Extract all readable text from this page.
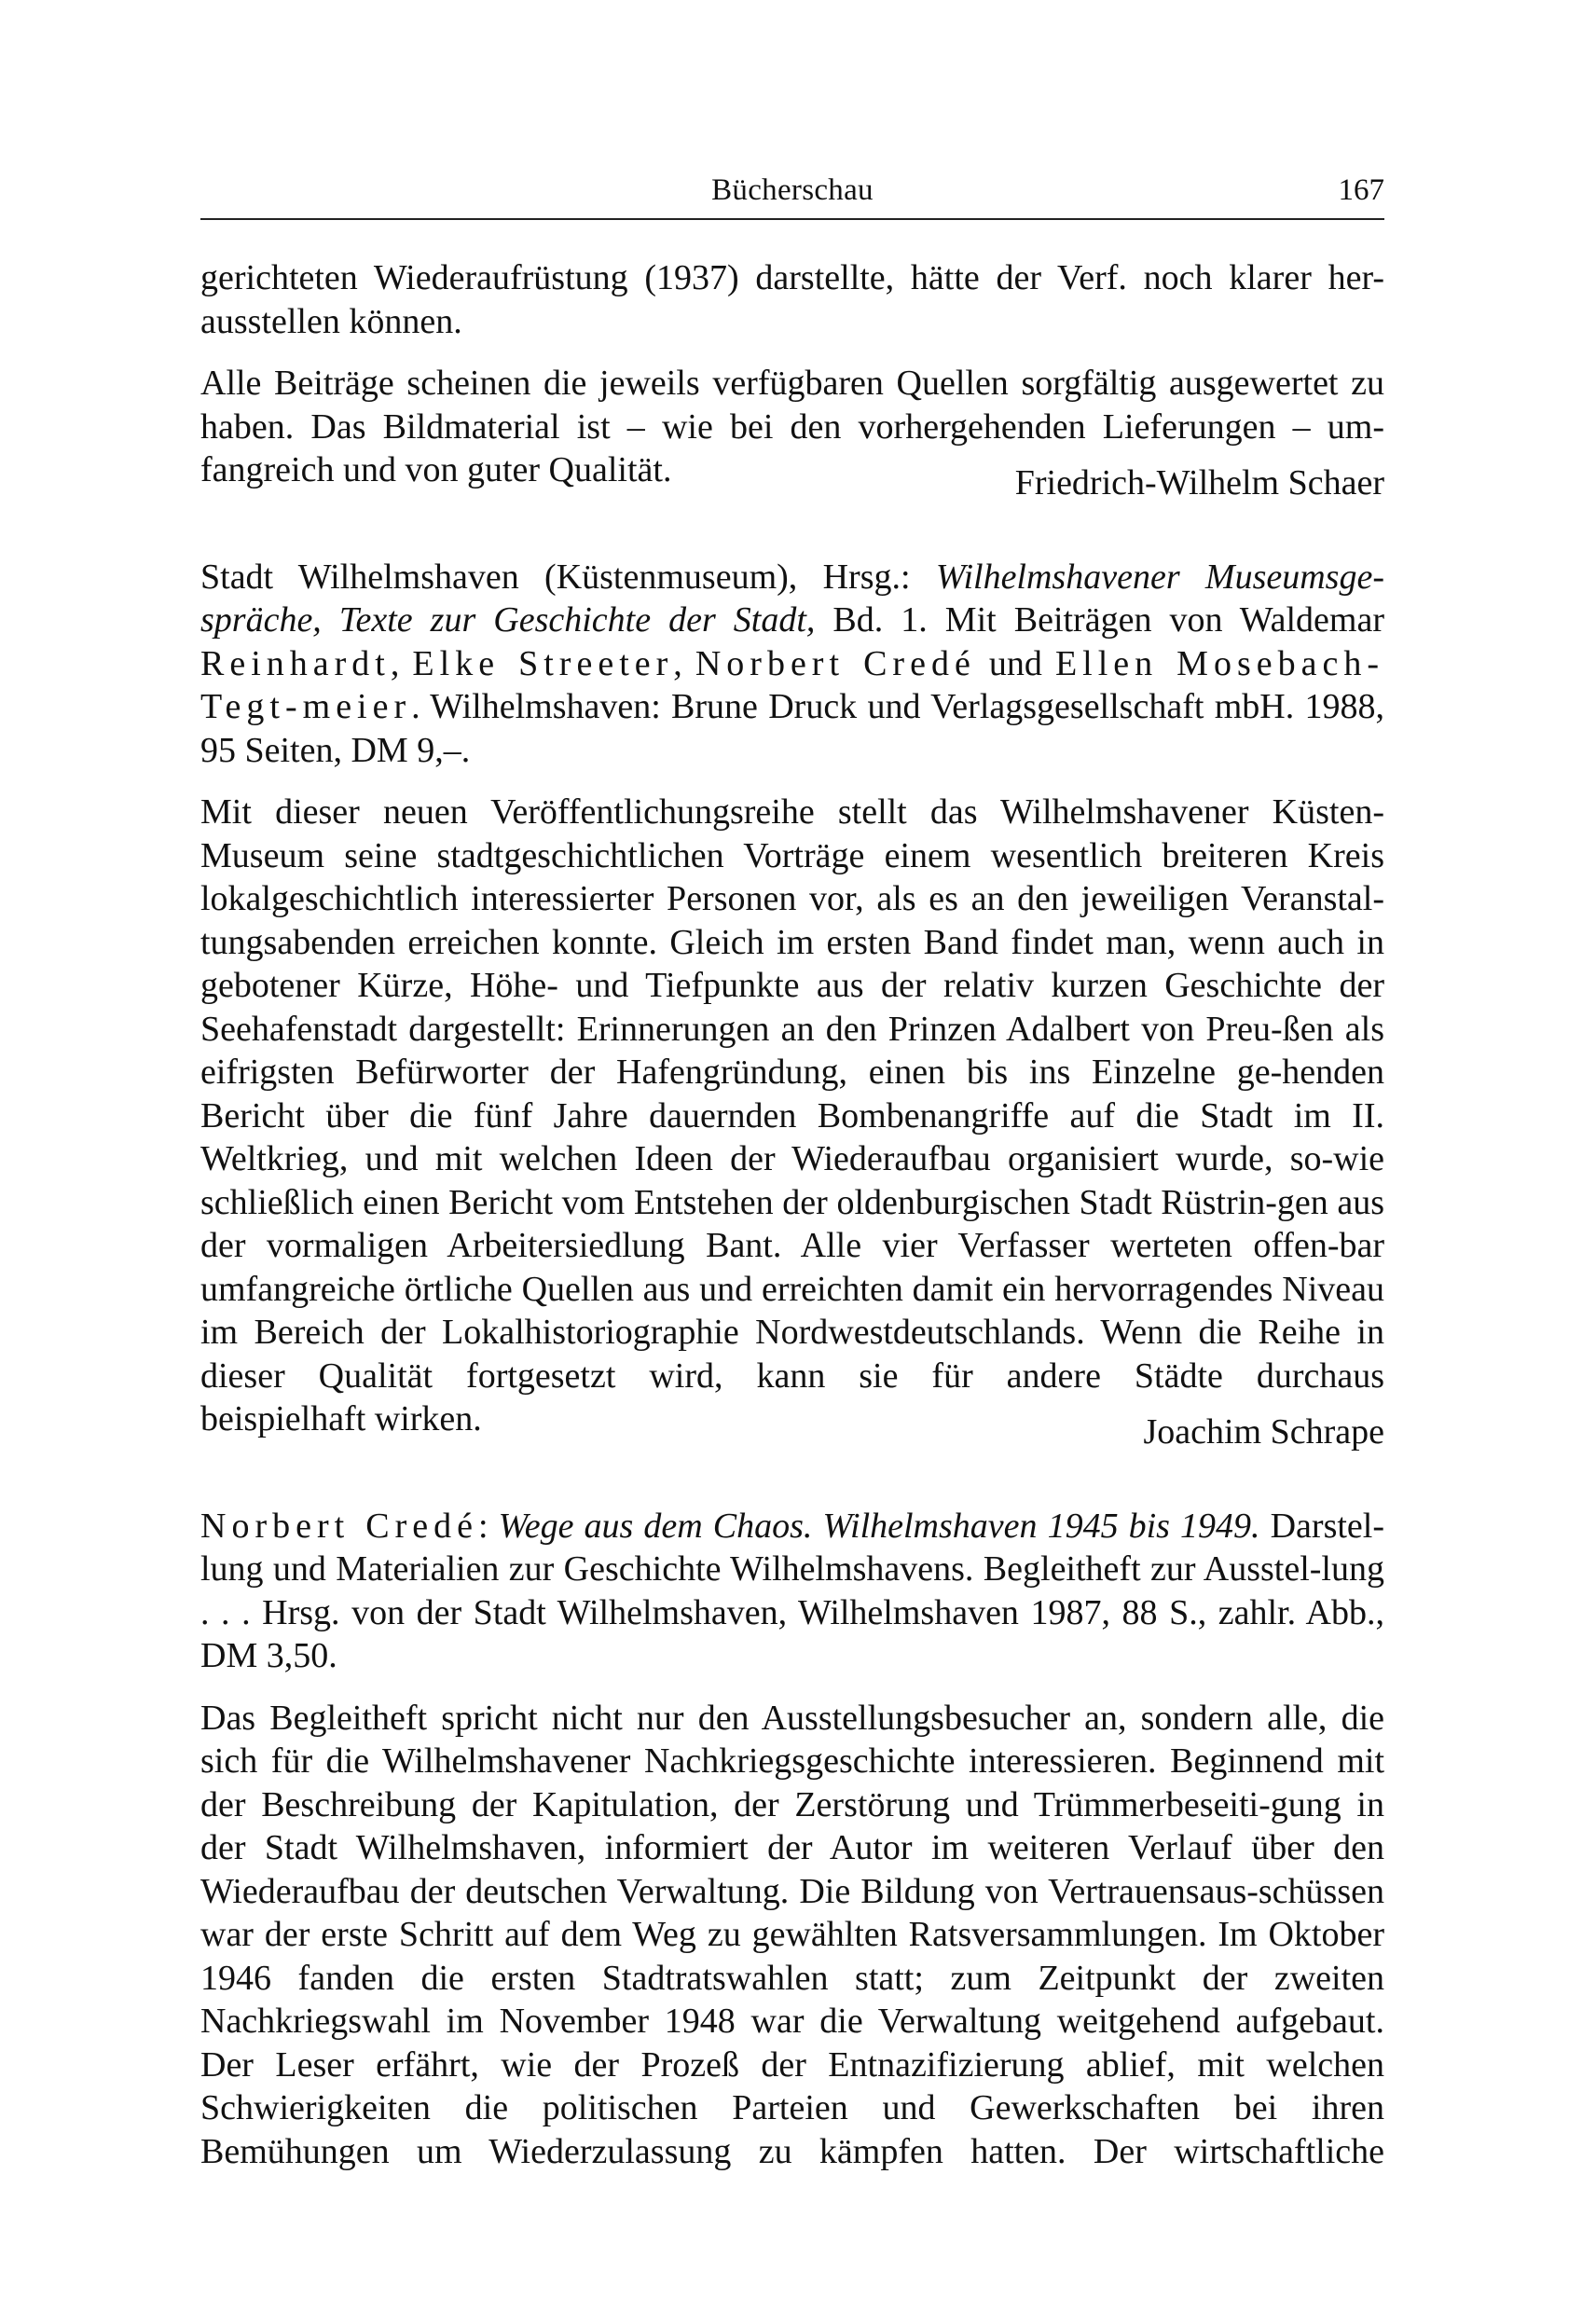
Bücherschau	167

gerichteten Wiederaufrüstung (1937) darstellte, hätte der Verf. noch klarer her-

ausstellen können.

Alle Beiträge scheinen die jeweils verfügbaren Quellen sorgfältig ausgewertet zu haben. Das Bildmaterial ist – wie bei den vorhergehenden Lieferungen – um-

fangreich und von guter Qualität.	Friedrich-Wilhelm Schaer

Stadt Wilhelmshaven (Küstenmuseum), Hrsg.: Wilhelmshavener Museumsge-spräche, Texte zur Geschichte der Stadt, Bd. 1. Mit Beiträgen von Waldemar Reinhardt, Elke Streeter, Norbert Credé und Ellen Mosebach-Tegt-meier. Wilhelmshaven: Brune Druck und Verlagsgesellschaft mbH. 1988, 95 Seiten, DM 9,–.

Mit dieser neuen Veröffentlichungsreihe stellt das Wilhelmshavener Küsten-Museum seine stadtgeschichtlichen Vorträge einem wesentlich breiteren Kreis lokalgeschichtlich interessierter Personen vor, als es an den jeweiligen Veranstal-tungsabenden erreichen konnte. Gleich im ersten Band findet man, wenn auch in gebotener Kürze, Höhe- und Tiefpunkte aus der relativ kurzen Geschichte der Seehafenstadt dargestellt: Erinnerungen an den Prinzen Adalbert von Preu-ßen als eifrigsten Befürworter der Hafengründung, einen bis ins Einzelne ge-henden Bericht über die fünf Jahre dauernden Bombenangriffe auf die Stadt im II. Weltkrieg, und mit welchen Ideen der Wiederaufbau organisiert wurde, so-wie schließlich einen Bericht vom Entstehen der oldenburgischen Stadt Rüstrin-gen aus der vormaligen Arbeitersiedlung Bant. Alle vier Verfasser werteten offen-bar umfangreiche örtliche Quellen aus und erreichten damit ein hervorragendes Niveau im Bereich der Lokalhistoriographie Nordwestdeutschlands. Wenn die Reihe in dieser Qualität fortgesetzt wird, kann sie für andere Städte durchaus

beispielhaft wirken.	Joachim Schrape

Norbert Credé: Wege aus dem Chaos. Wilhelmshaven 1945 bis 1949. Darstel-lung und Materialien zur Geschichte Wilhelmshavens. Begleitheft zur Ausstel-lung . . . Hrsg. von der Stadt Wilhelmshaven, Wilhelmshaven 1987, 88 S., zahlr. Abb., DM 3,50.

Das Begleitheft spricht nicht nur den Ausstellungsbesucher an, sondern alle, die sich für die Wilhelmshavener Nachkriegsgeschichte interessieren. Beginnend mit der Beschreibung der Kapitulation, der Zerstörung und Trümmerbeseiti-gung in der Stadt Wilhelmshaven, informiert der Autor im weiteren Verlauf über den Wiederaufbau der deutschen Verwaltung. Die Bildung von Vertrauensaus-schüssen war der erste Schritt auf dem Weg zu gewählten Ratsversammlungen. Im Oktober 1946 fanden die ersten Stadtratswahlen statt; zum Zeitpunkt der zweiten Nachkriegswahl im November 1948 war die Verwaltung weitgehend aufgebaut. Der Leser erfährt, wie der Prozeß der Entnazifizierung ablief, mit welchen Schwierigkeiten die politischen Parteien und Gewerkschaften bei ihren Bemühungen um Wiederzulassung zu kämpfen hatten. Der wirtschaftliche
